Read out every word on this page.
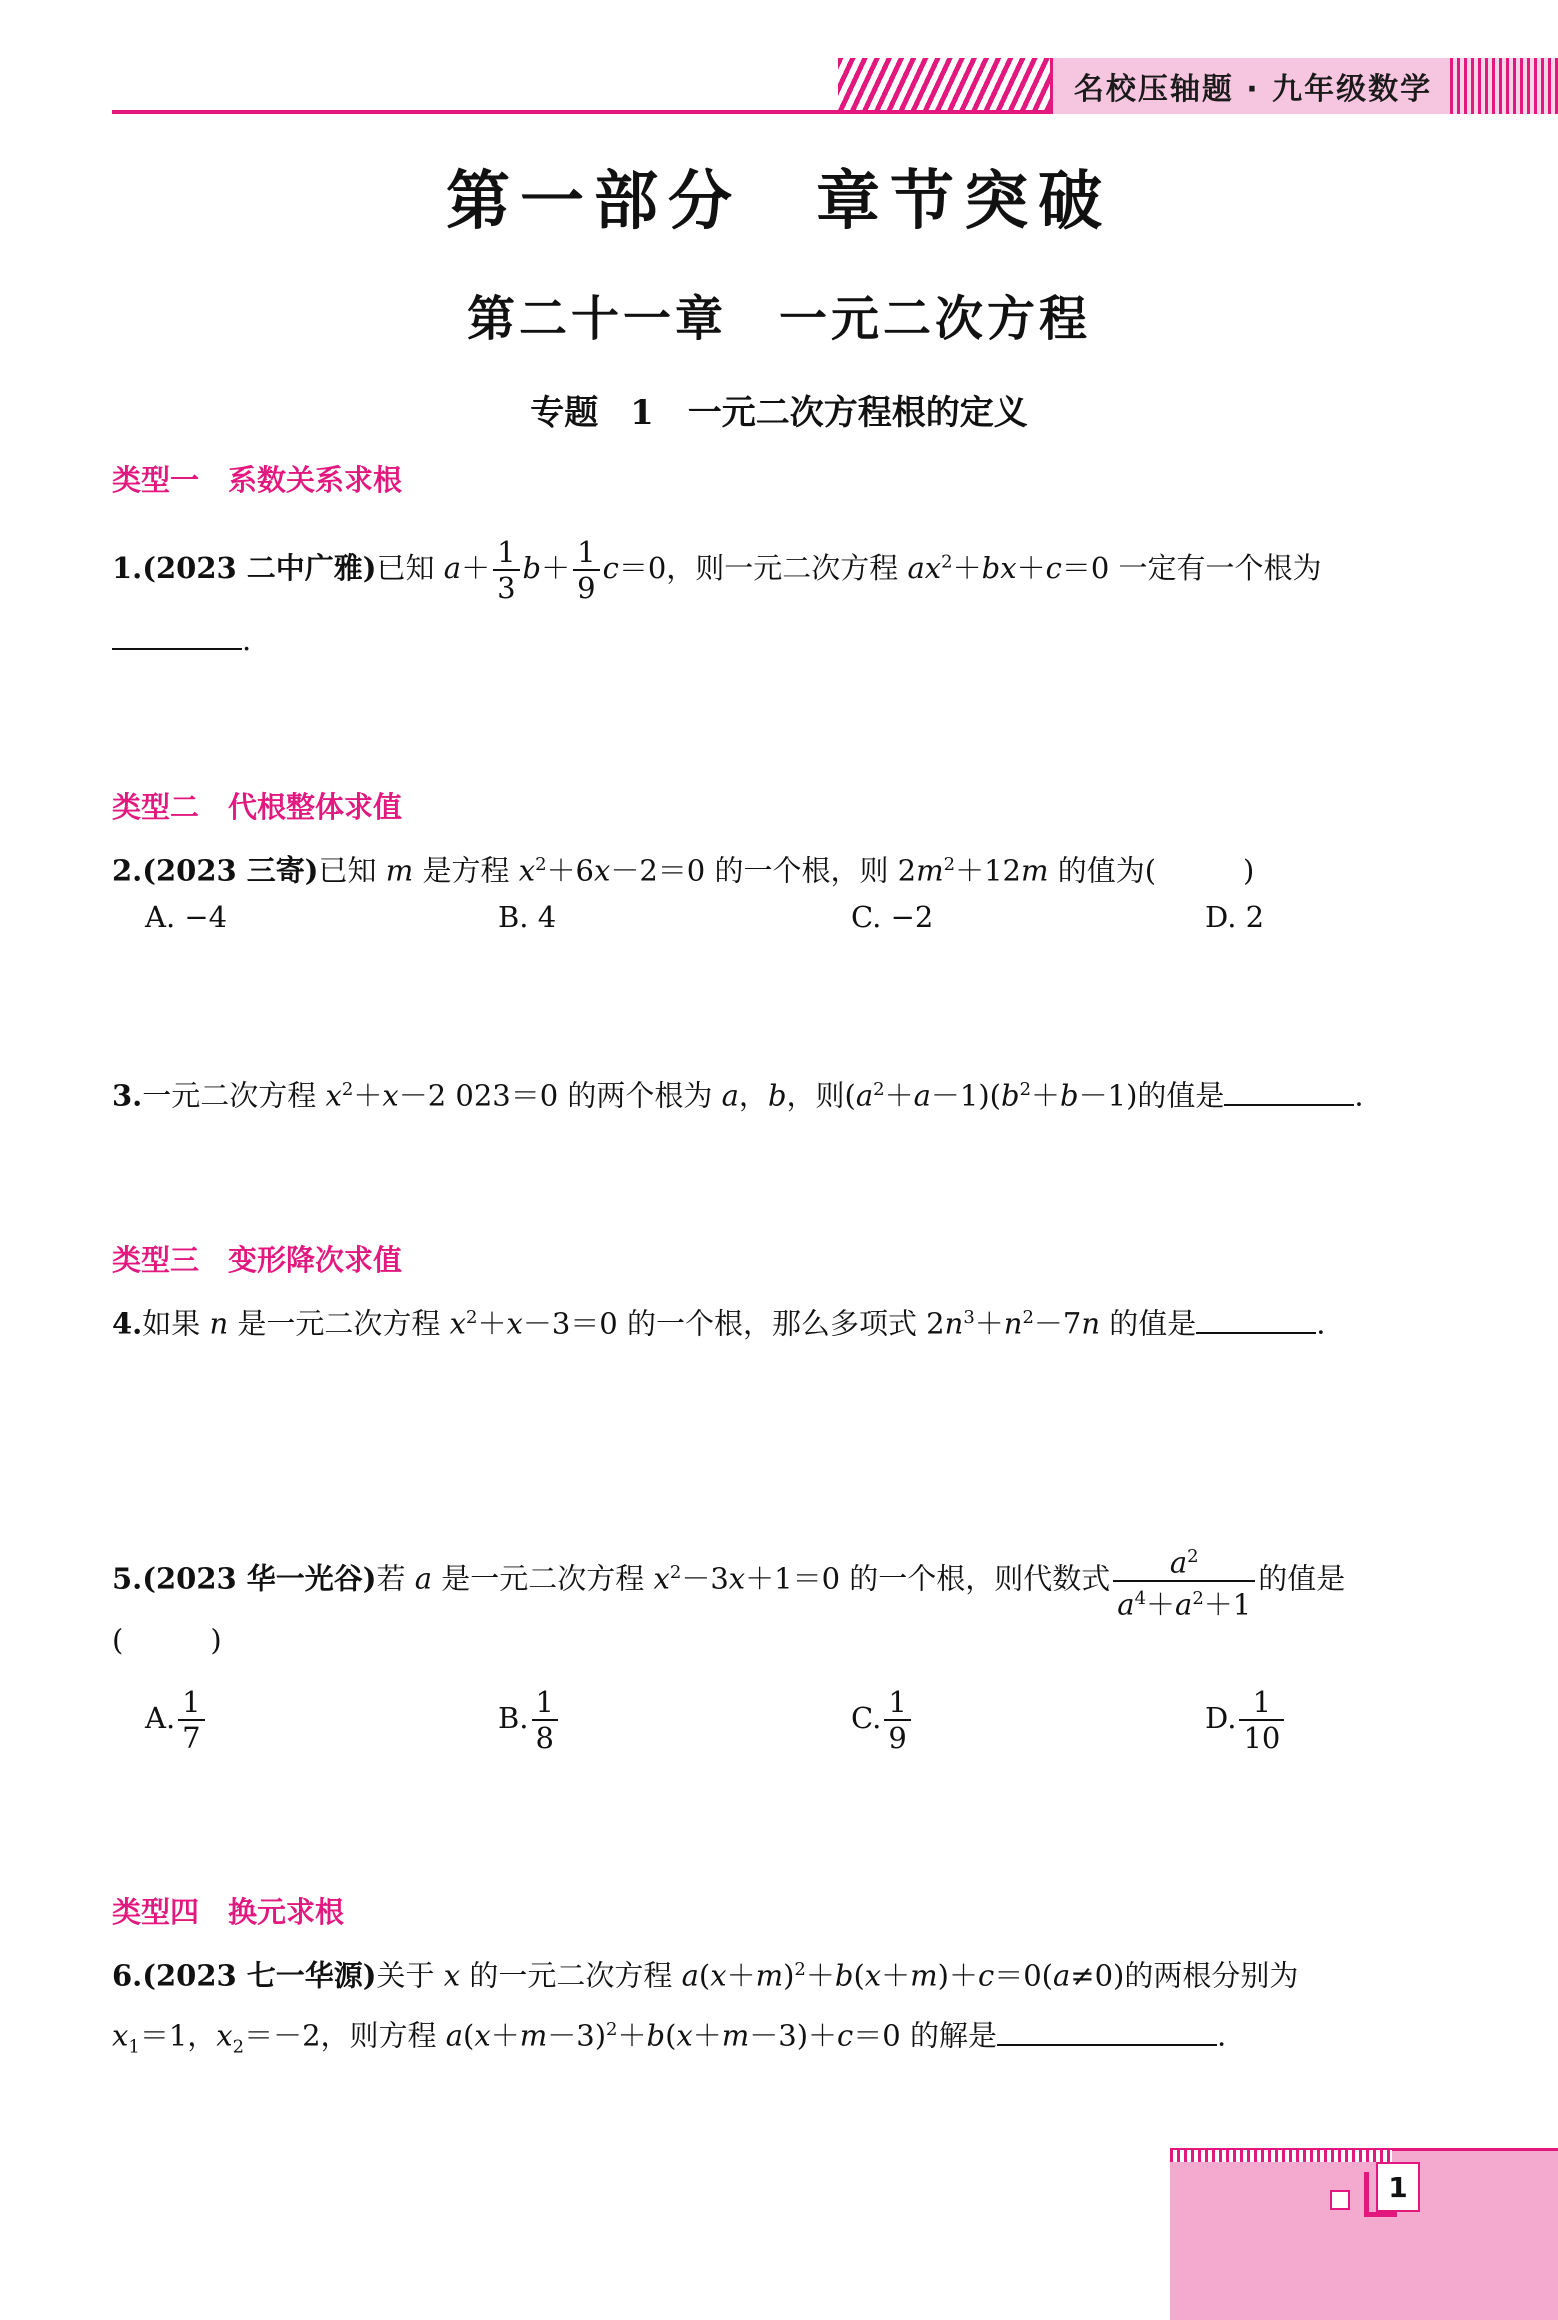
名校压轴题 · 九年级数学
第一部分　章节突破
第二十一章　一元二次方程
专题 1　一元二次方程根的定义
类型一　系数关系求根
1.(2023 二中广雅)已知 $a+ \frac{1}{3} b+ \frac{1}{9} c=0$，则一元二次方程 $ax^2+bx+c=0$ 一定有一个根为
.
类型二　代根整体求值
2.(2023 三寄)已知 m 是方程 $x^2+6x-2=0$ 的一个根，则 $2m^2+12m$ 的值为(　　　)
A. −4	B. 4	C. −2	D. 2
3.一元二次方程 $x^2+x-2$ 023＝0 的两个根为 a，b，则$(a^2+a-1)(b^2+b-1)$的值是	.
类型三　变形降次求值
4.如果 n 是一元二次方程 $x^2+x-3=0$ 的一个根，那么多项式 $2n^3+n^2-7n$ 的值是	.
5.(2023 华一光谷)若 a 是一元二次方程 $x^2-3x+1=0$ 的一个根，则代数式 $\frac{a^2}{a^4+a^2+1}$ 的值是
(　　　)
A. $\frac{1}{7}$	B. $\frac{1}{8}$	C. $\frac{1}{9}$	D. $\frac{1}{10}$
类型四　换元求根
6.(2023 七一华源)关于 x 的一元二次方程 $a(x+m)^2+b(x+m)+c=0(a\ne 0)$的两根分别为
$x_1=1$，$x_2=-2$，则方程 $a(x+m-3)^2+b(x+m-3)+c=0$ 的解是	.
1
